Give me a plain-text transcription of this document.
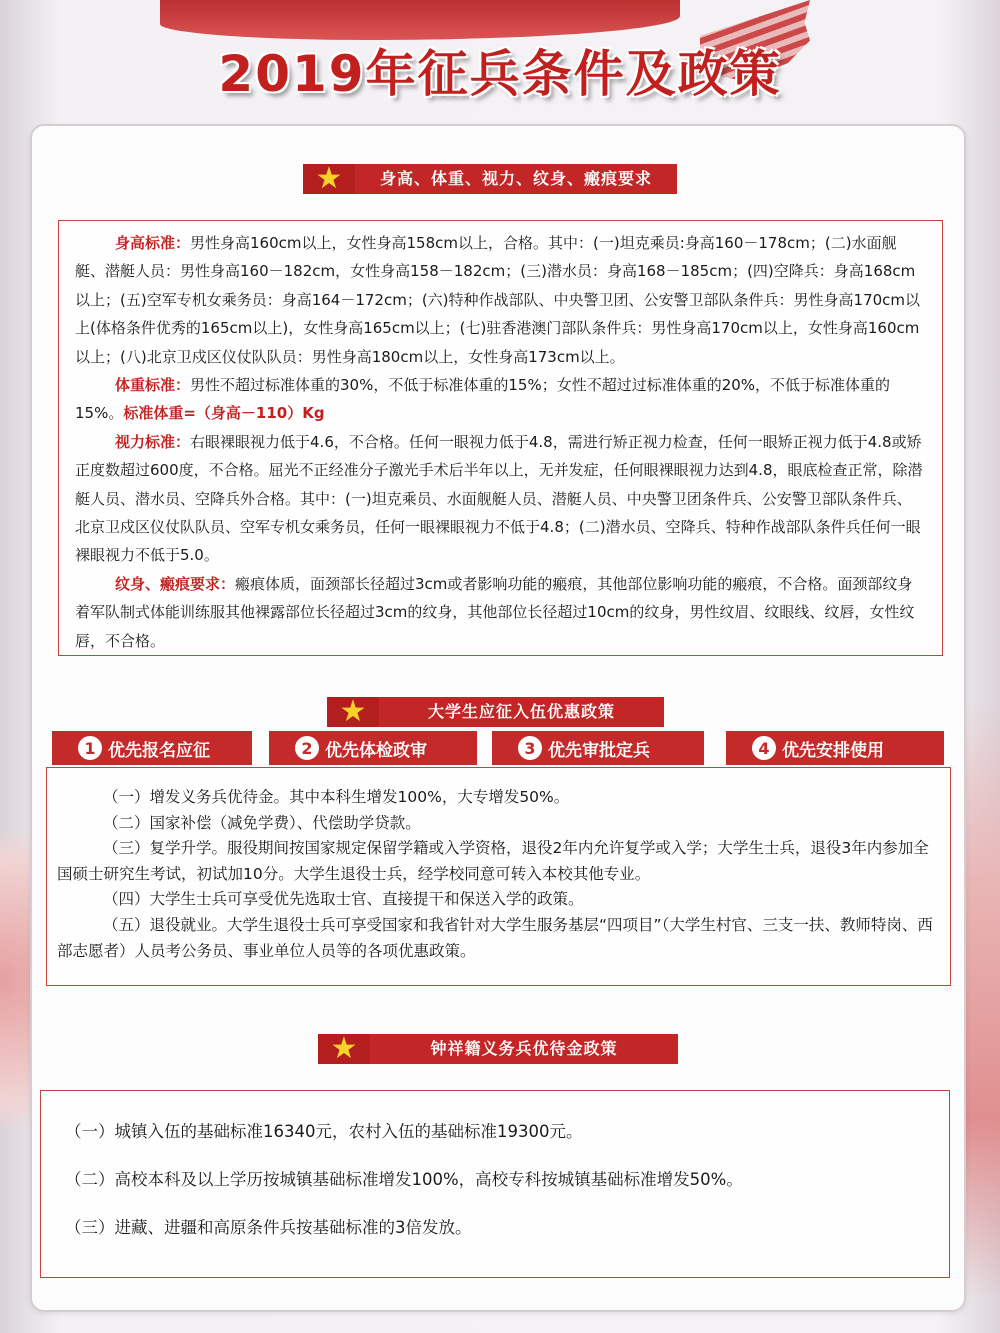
2019年征兵条件及政策
★	身高、体重、视力、纹身、瘢痕要求

身高标准：男性身高160cm以上，女性身高158cm以上，合格。其中：(一)坦克乘员:身高160－178cm；(二)水面舰艇、潜艇人员：男性身高160－182cm，女性身高158－182cm；(三)潜水员：身高168－185cm；(四)空降兵：身高168cm以上；(五)空军专机女乘务员：身高164－172cm；(六)特种作战部队、中央警卫团、公安警卫部队条件兵：男性身高170cm以上(体格条件优秀的165cm以上)，女性身高165cm以上；(七)驻香港澳门部队条件兵：男性身高170cm以上，女性身高160cm以上；(八)北京卫戍区仪仗队队员：男性身高180cm以上，女性身高173cm以上。

体重标准：男性不超过标准体重的30%，不低于标准体重的15%；女性不超过过标准体重的20%，不低于标准体重的15%。标准体重=（身高－110）Kg

视力标准：右眼裸眼视力低于4.6，不合格。任何一眼视力低于4.8，需进行矫正视力检查，任何一眼矫正视力低于4.8或矫正度数超过600度，不合格。屈光不正经准分子激光手术后半年以上，无并发症，任何眼裸眼视力达到4.8，眼底检查正常，除潜艇人员、潜水员、空降兵外合格。其中：(一)坦克乘员、水面舰艇人员、潜艇人员、中央警卫团条件兵、公安警卫部队条件兵、北京卫戍区仪仗队队员、空军专机女乘务员，任何一眼裸眼视力不低于4.8；(二)潜水员、空降兵、特种作战部队条件兵任何一眼裸眼视力不低于5.0。

纹身、瘢痕要求：瘢痕体质，面颈部长径超过3cm或者影响功能的瘢痕，其他部位影响功能的瘢痕，不合格。面颈部纹身着军队制式体能训练服其他裸露部位长径超过3cm的纹身，其他部位长径超过10cm的纹身，男性纹眉、纹眼线、纹唇，女性纹唇，不合格。

★	大学生应征入伍优惠政策
1 优先报名应征	2 优先体检政审	3 优先审批定兵	4 优先安排使用

（一）增发义务兵优待金。其中本科生增发100%，大专增发50%。

（二）国家补偿（减免学费）、代偿助学贷款。

（三）复学升学。服役期间按国家规定保留学籍或入学资格，退役2年内允许复学或入学；大学生士兵，退役3年内参加全国硕士研究生考试，初试加10分。大学生退役士兵，经学校同意可转入本校其他专业。

（四）大学生士兵可享受优先选取士官、直接提干和保送入学的政策。

（五）退役就业。大学生退役士兵可享受国家和我省针对大学生服务基层“四项目”（大学生村官、三支一扶、教师特岗、西部志愿者）人员考公务员、事业单位人员等的各项优惠政策。

★	钟祥籍义务兵优待金政策

（一）城镇入伍的基础标准16340元，农村入伍的基础标准19300元。

（二）高校本科及以上学历按城镇基础标准增发100%，高校专科按城镇基础标准增发50%。

（三）进藏、进疆和高原条件兵按基础标准的3倍发放。
